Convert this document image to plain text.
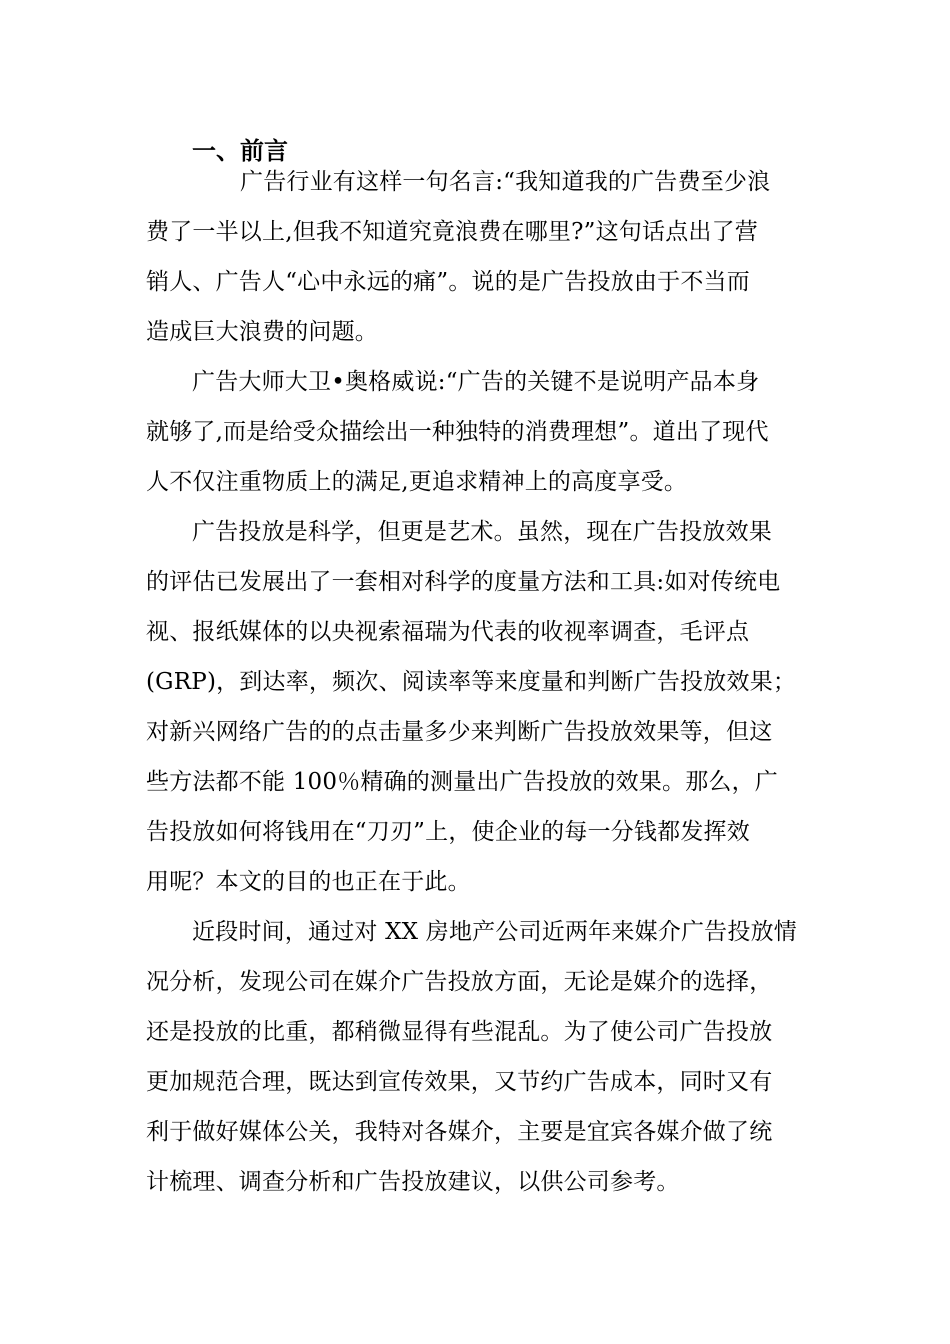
一、前言
广告行业有这样一句名言:“我知道我的广告费至少浪
费了一半以上,但我不知道究竟浪费在哪里?”这句话点出了营
销人、广告人“心中永远的痛”。说的是广告投放由于不当而
造成巨大浪费的问题。
广告大师大卫•奥格威说:“广告的关键不是说明产品本身
就够了,而是给受众描绘出一种独特的消费理想”。道出了现代
人不仅注重物质上的满足,更追求精神上的高度享受。
广告投放是科学，但更是艺术。虽然，现在广告投放效果
的评估已发展出了一套相对科学的度量方法和工具:如对传统电
视、报纸媒体的以央视索福瑞为代表的收视率调查，毛评点
(GRP)，到达率，频次、阅读率等来度量和判断广告投放效果；
对新兴网络广告的的点击量多少来判断广告投放效果等，但这
些方法都不能 100％精确的测量出广告投放的效果。那么，广
告投放如何将钱用在“刀刃”上，使企业的每一分钱都发挥效
用呢？本文的目的也正在于此。
近段时间，通过对 XX 房地产公司近两年来媒介广告投放情
况分析，发现公司在媒介广告投放方面，无论是媒介的选择，
还是投放的比重，都稍微显得有些混乱。为了使公司广告投放
更加规范合理，既达到宣传效果，又节约广告成本，同时又有
利于做好媒体公关，我特对各媒介，主要是宜宾各媒介做了统
计梳理、调查分析和广告投放建议，以供公司参考。
